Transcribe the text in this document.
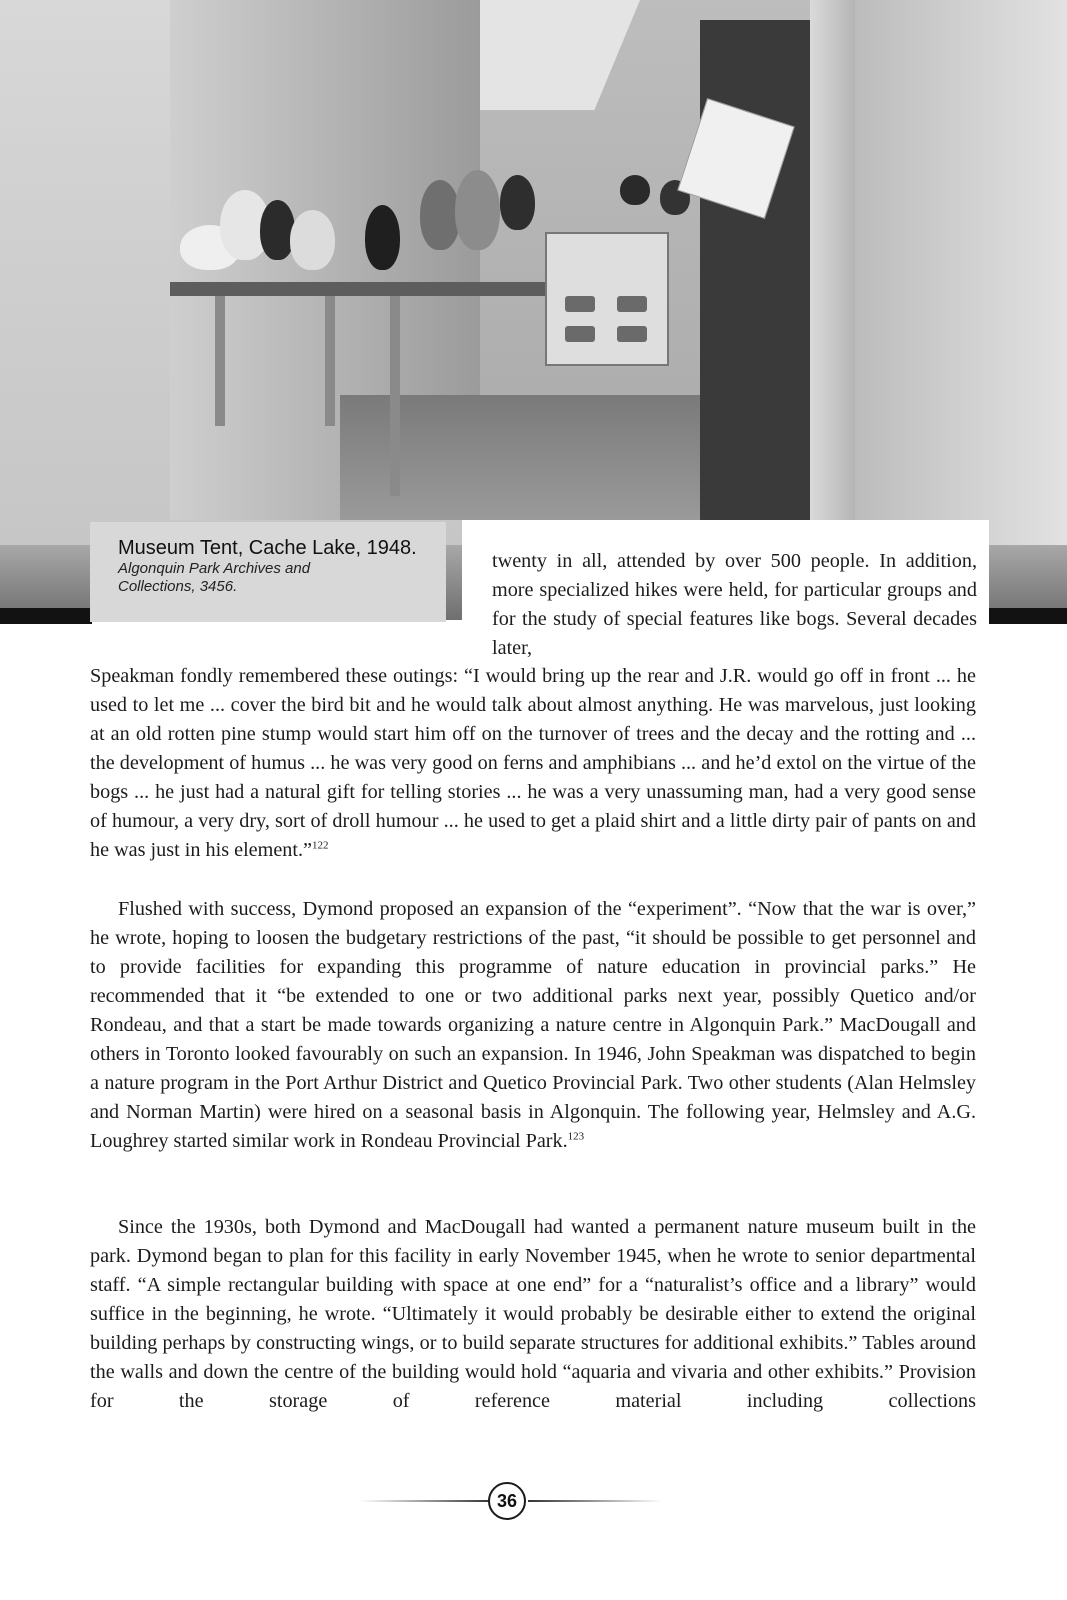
Museum Tent, Cache Lake, 1948.
Algonquin Park Archives and
Collections, 3456.

twenty in all, attended by over 500 people. In addition, more specialized hikes were held, for particular groups and for the study of special features like bogs. Several decades later,

Speakman fondly remembered these outings: “I would bring up the rear and J.R. would go off in front ... he used to let me ... cover the bird bit and he would talk about almost anything. He was marvelous, just looking at an old rotten pine stump would start him off on the turnover of trees and the decay and the rotting and ... the development of humus ... he was very good on ferns and amphibians ... and he’d extol on the virtue of the bogs ... he just had a natural gift for telling stories ... he was a very unassuming man, had a very good sense of humour, a very dry, sort of droll humour ... he used to get a plaid shirt and a little dirty pair of pants on and he was just in his element.”$^{122}$

Flushed with success, Dymond proposed an expansion of the “experiment”. “Now that the war is over,” he wrote, hoping to loosen the budgetary restrictions of the past, “it should be possible to get personnel and to provide facilities for expanding this programme of nature education in provincial parks.” He recommended that it “be extended to one or two additional parks next year, possibly Quetico and/or Rondeau, and that a start be made towards organizing a nature centre in Algonquin Park.” MacDougall and others in Toronto looked favourably on such an expansion. In 1946, John Speakman was dispatched to begin a nature program in the Port Arthur District and Quetico Provincial Park. Two other students (Alan Helmsley and Norman Martin) were hired on a seasonal basis in Algonquin. The following year, Helmsley and A.G. Loughrey started similar work in Rondeau Provincial Park.$^{123}$

Since the 1930s, both Dymond and MacDougall had wanted a permanent nature museum built in the park. Dymond began to plan for this facility in early November 1945, when he wrote to senior departmental staff. “A simple rectangular building with space at one end” for a “naturalist’s office and a library” would suffice in the beginning, he wrote. “Ultimately it would probably be desirable either to extend the original building perhaps by constructing wings, or to build separate structures for additional exhibits.” Tables around the walls and down the centre of the building would hold “aquaria and vivaria and other exhibits.” Provision for the storage of reference material including collections

36
